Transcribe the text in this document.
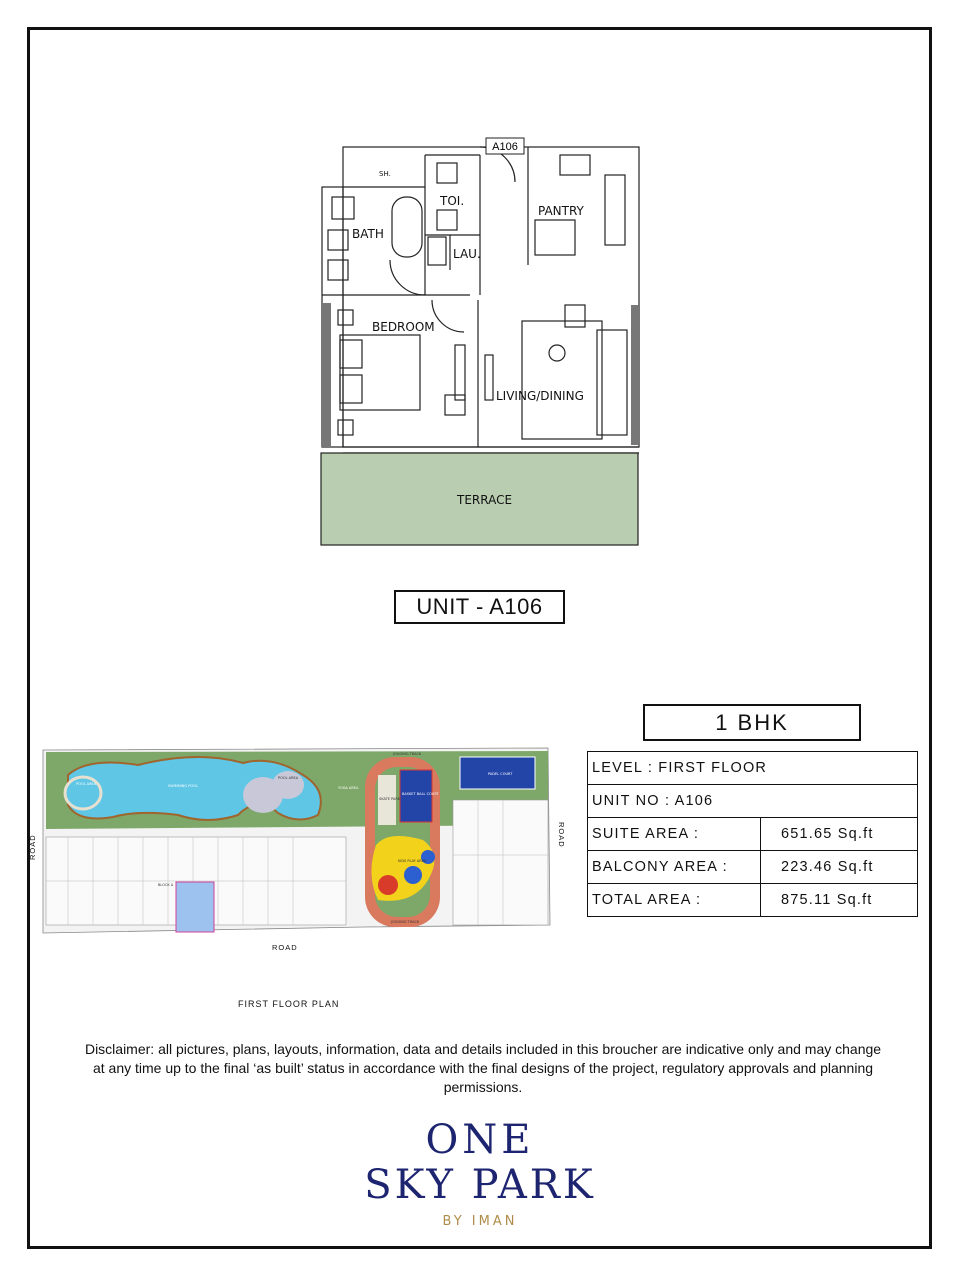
A106
SH.
TOI.
PANTRY
BATH
LAU.
BEDROOM
LIVING/DINING
TERRACE
UNIT - A106
1 BHK
LEVEL : FIRST FLOOR	
UNIT NO : A106	
SUITE AREA :	651.65 Sq.ft
BALCONY AREA :	223.46 Sq.ft
TOTAL AREA :	875.11 Sq.ft
POOL AREA	SWIMMING POOL
POOL AREA
YOGA AREA
JOGGING TRACK
JOGGING TRACK
SKATE PARK
BASKET BALL COURT
PADEL COURT
KIDS PLAY AREA
BLOCK A
ROAD	ROAD
ROAD
FIRST FLOOR PLAN
Disclaimer: all pictures, plans, layouts, information, data and details included in this broucher are indicative only and may change at any time up to the final ‘as built’ status in accordance with the final designs of the project, regulatory approvals and planning permissions.
ONE
SKY PARK
BY IMAN
